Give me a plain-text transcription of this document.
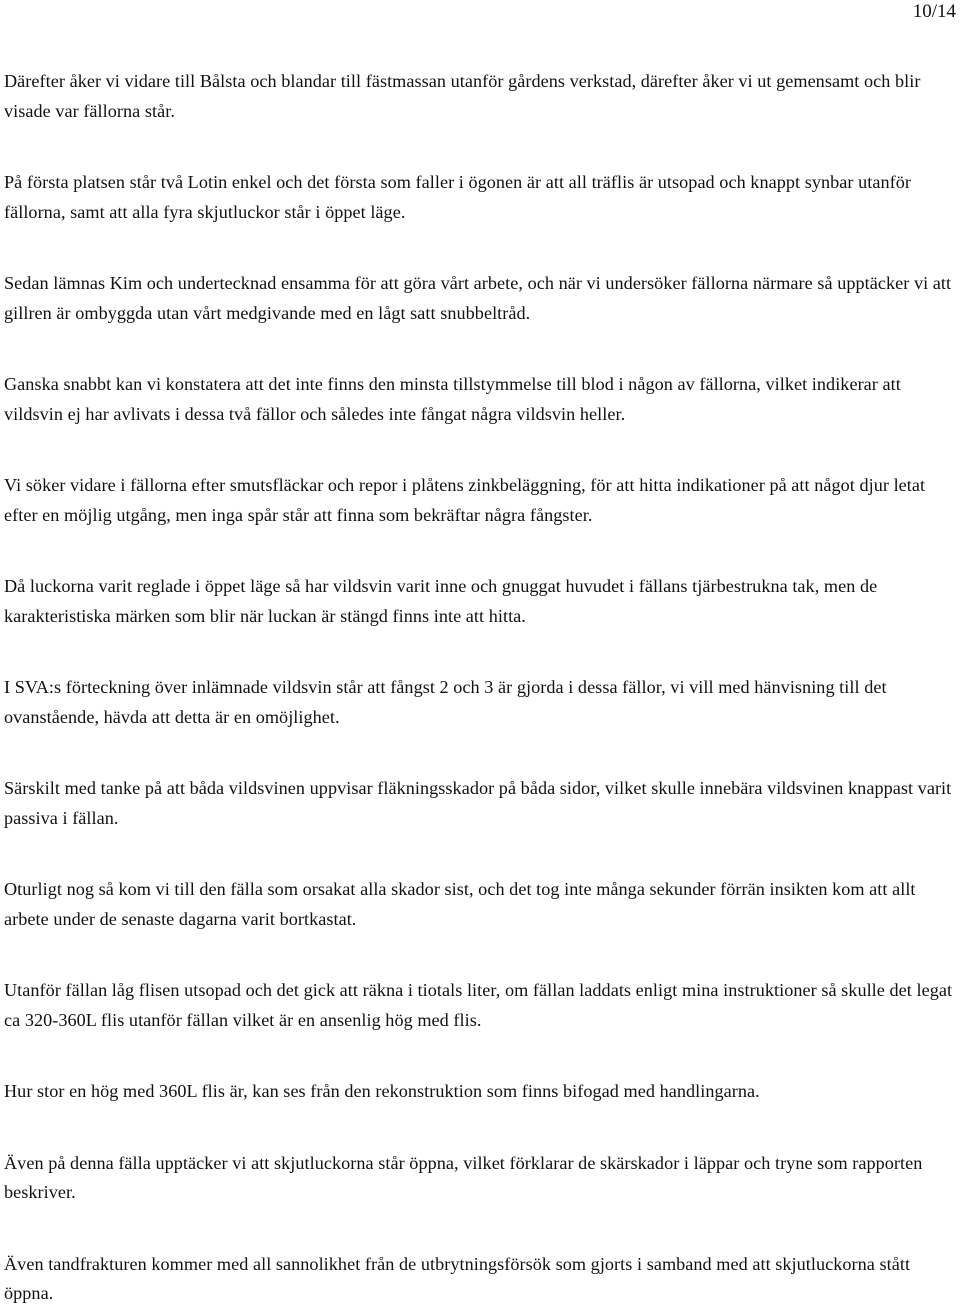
10/14

Därefter åker vi vidare till Bålsta och blandar till fästmassan utanför gårdens verkstad, därefter åker vi ut gemensamt och blir visade var fällorna står.

På första platsen står två Lotin enkel och det första som faller i ögonen är att all träflis är utsopad och knappt synbar utanför fällorna, samt att alla fyra skjutluckor står i öppet läge.

Sedan lämnas Kim och undertecknad ensamma för att göra vårt arbete, och när vi undersöker fällorna närmare så upptäcker vi att gillren är ombyggda utan vårt medgivande med en lågt satt snubbeltråd.

Ganska snabbt kan vi konstatera att det inte finns den minsta tillstymmelse till blod i någon av fällorna, vilket indikerar att vildsvin ej har avlivats i dessa två fällor och således inte fångat några vildsvin heller.

Vi söker vidare i fällorna efter smutsfläckar och repor i plåtens zinkbeläggning, för att hitta indikationer på att något djur letat efter en möjlig utgång, men inga spår står att finna som bekräftar några fångster.

Då luckorna varit reglade i öppet läge så har vildsvin varit inne och gnuggat huvudet i fällans tjärbestrukna tak, men de karakteristiska märken som blir när luckan är stängd finns inte att hitta.

I SVA:s förteckning över inlämnade vildsvin står att fångst 2 och 3 är gjorda i dessa fällor, vi vill med hänvisning till det ovanstående, hävda att detta är en omöjlighet.

Särskilt med tanke på att båda vildsvinen uppvisar fläkningsskador på båda sidor, vilket skulle innebära vildsvinen knappast varit passiva i fällan.

Oturligt nog så kom vi till den fälla som orsakat alla skador sist, och det tog inte många sekunder förrän insikten kom att allt arbete under de senaste dagarna varit bortkastat.

Utanför fällan låg flisen utsopad och det gick att räkna i tiotals liter, om fällan laddats enligt mina instruktioner så skulle det legat ca 320-360L flis utanför fällan vilket är en ansenlig hög med flis.

Hur stor en hög med 360L flis är, kan ses från den rekonstruktion som finns bifogad med handlingarna.

Även på denna fälla upptäcker vi att skjutluckorna står öppna, vilket förklarar de skärskador i läppar och tryne som rapporten beskriver.

Även tandfrakturen kommer med all sannolikhet från de utbrytningsförsök som gjorts i samband med att skjutluckorna stått öppna.
